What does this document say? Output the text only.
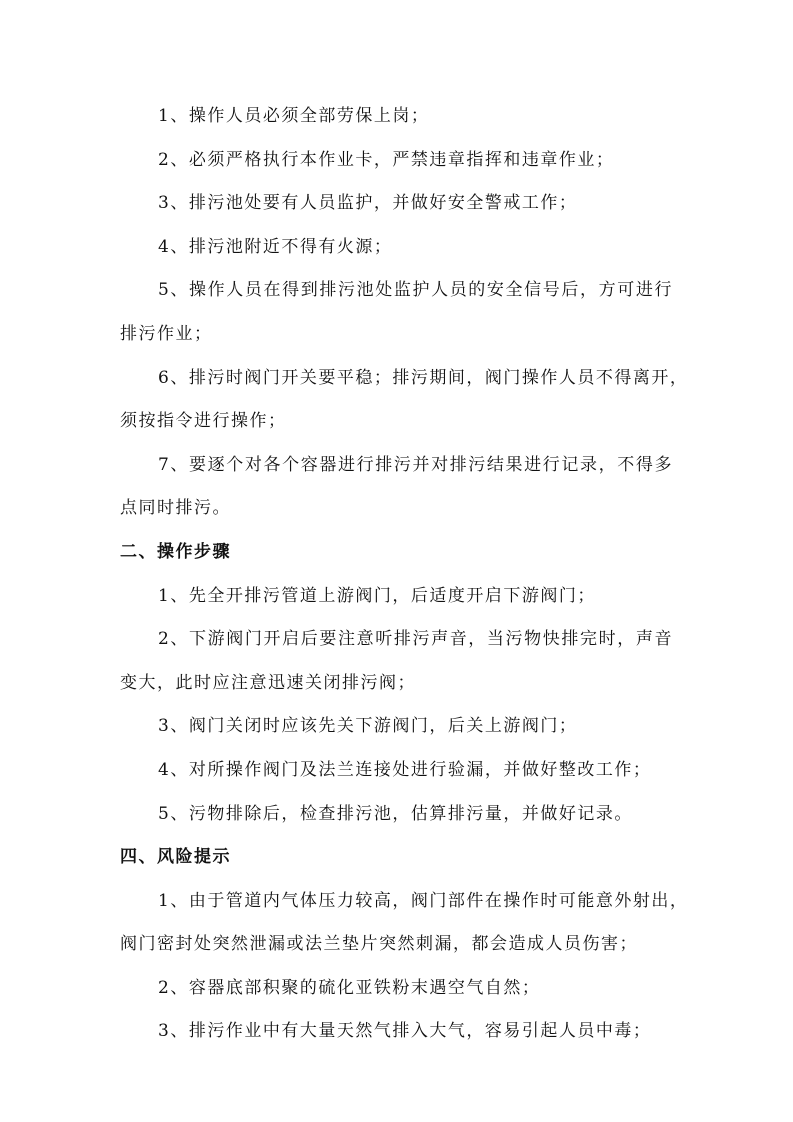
1、操作人员必须全部劳保上岗；
2、必须严格执行本作业卡，严禁违章指挥和违章作业；
3、排污池处要有人员监护，并做好安全警戒工作；
4、排污池附近不得有火源；
5、操作人员在得到排污池处监护人员的安全信号后，方可进行
排污作业；
6、排污时阀门开关要平稳；排污期间，阀门操作人员不得离开，
须按指令进行操作；
7、要逐个对各个容器进行排污并对排污结果进行记录，不得多
点同时排污。
二、操作步骤
1、先全开排污管道上游阀门，后适度开启下游阀门；
2、下游阀门开启后要注意听排污声音，当污物快排完时，声音
变大，此时应注意迅速关闭排污阀；
3、阀门关闭时应该先关下游阀门，后关上游阀门；
4、对所操作阀门及法兰连接处进行验漏，并做好整改工作；
5、污物排除后，检查排污池，估算排污量，并做好记录。
四、风险提示
1、由于管道内气体压力较高，阀门部件在操作时可能意外射出，
阀门密封处突然泄漏或法兰垫片突然刺漏，都会造成人员伤害；
2、容器底部积聚的硫化亚铁粉末遇空气自然；
3、排污作业中有大量天然气排入大气，容易引起人员中毒；
